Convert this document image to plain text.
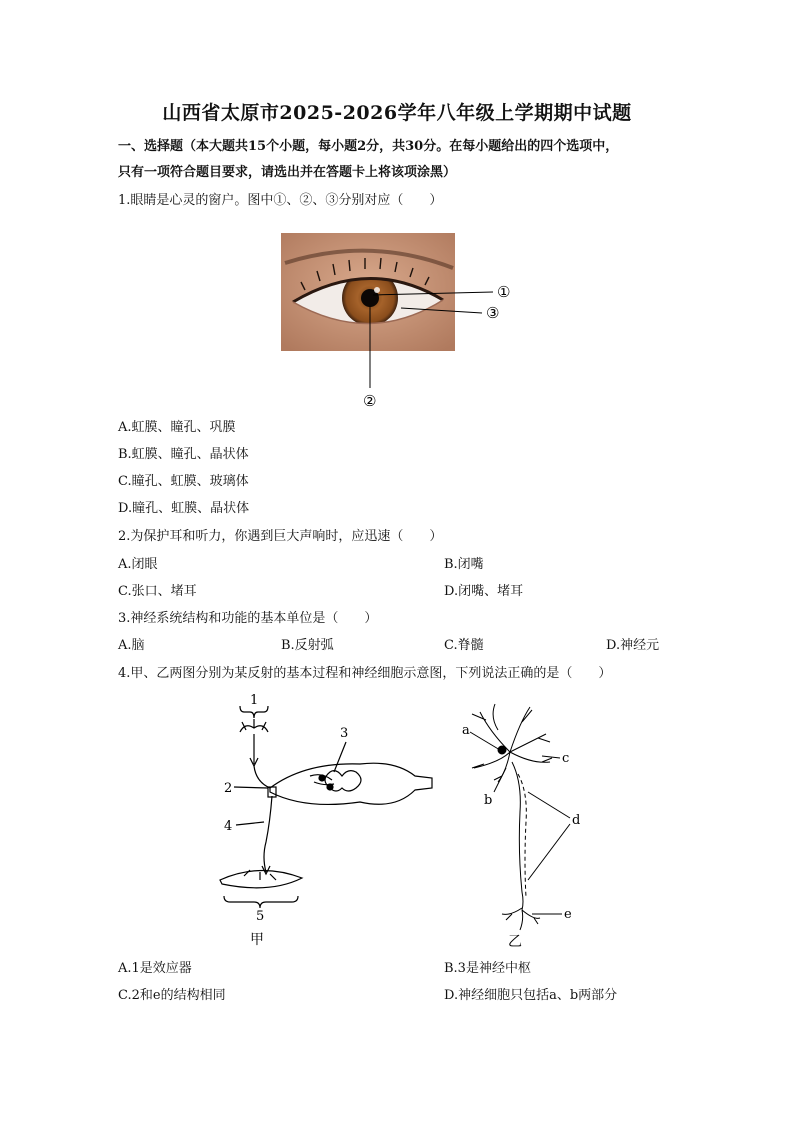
山西省太原市2025-2026学年八年级上学期期中试题
一、选择题（本大题共15个小题，每小题2分，共30分。在每小题给出的四个选项中，
只有一项符合题目要求，请选出并在答题卡上将该项涂黑）
1.眼睛是心灵的窗户。图中①、②、③分别对应（　　）
①
③
②
A.虹膜、瞳孔、巩膜
B.虹膜、瞳孔、晶状体
C.瞳孔、虹膜、玻璃体
D.瞳孔、虹膜、晶状体
2.为保护耳和听力，你遇到巨大声响时，应迅速（　　）
A.闭眼	B.闭嘴
C.张口、堵耳	D.闭嘴、堵耳
3.神经系统结构和功能的基本单位是（　　）
A.脑	B.反射弧	C.脊髓	D.神经元
4.甲、乙两图分别为某反射的基本过程和神经细胞示意图，下列说法正确的是（　　）
1
2
3
4
5
甲
a
b
c
d
e
乙
A.1是效应器	B.3是神经中枢
C.2和e的结构相同	D.神经细胞只包括a、b两部分
